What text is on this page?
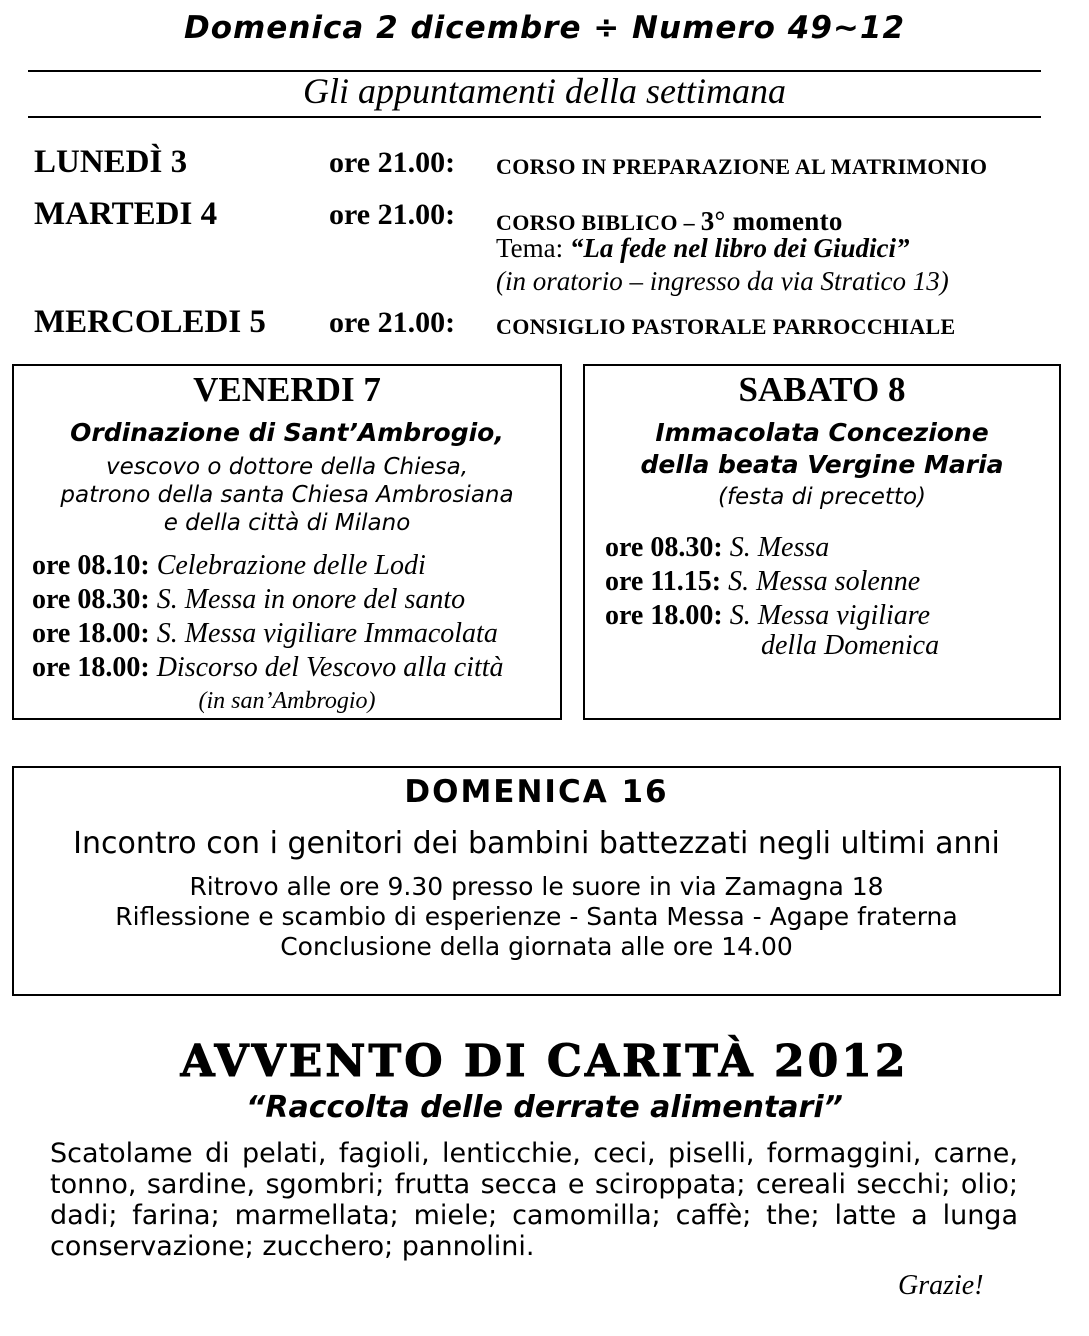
Domenica 2 dicembre ÷ Numero 49~12
Gli appuntamenti della settimana
LUNEDÌ 3	ore 21.00: CORSO IN PREPARAZIONE AL MATRIMONIO
MARTEDI 4	ore 21.00: CORSO BIBLICO – 3° momento
Tema: “La fede nel libro dei Giudici”
(in oratorio – ingresso da via Stratico 13)
MERCOLEDI 5 ore 21.00: CONSIGLIO PASTORALE PARROCCHIALE
VENERDI 7
Ordinazione di Sant’Ambrogio,
vescovo o dottore della Chiesa,
patrono della santa Chiesa Ambrosiana
e della città di Milano
ore 08.10: Celebrazione delle Lodi
ore 08.30: S. Messa in onore del santo
ore 18.00: S. Messa vigiliare Immacolata
ore 18.00: Discorso del Vescovo alla città
(in san’Ambrogio)
SABATO 8
Immacolata Concezione
della beata Vergine Maria
(festa di precetto)
ore 08.30: S. Messa
ore 11.15: S. Messa solenne
ore 18.00: S. Messa vigiliare
della Domenica
DOMENICA 16
Incontro con i genitori dei bambini battezzati negli ultimi anni
Ritrovo alle ore 9.30 presso le suore in via Zamagna 18
Riflessione e scambio di esperienze - Santa Messa - Agape fraterna
Conclusione della giornata alle ore 14.00
AVVENTO DI CARITÀ 2012
“Raccolta delle derrate alimentari”
Scatolame di pelati, fagioli, lenticchie, ceci, piselli, formaggini, carne, tonno, sardine, sgombri; frutta secca e sciroppata; cereali secchi; olio; dadi; farina; marmellata; miele; camomilla; caffè; the; latte a lunga conservazione; zucchero; pannolini.
Grazie!
